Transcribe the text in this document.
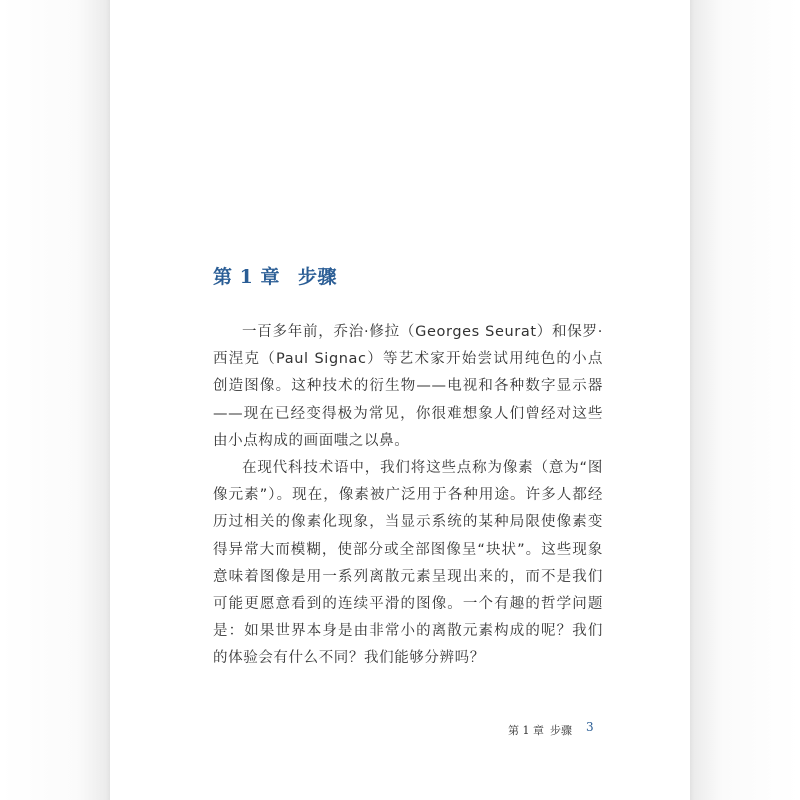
第 1 章 步骤

一百多年前，乔治·修拉（Georges Seurat）和保罗·西涅克（Paul Signac）等艺术家开始尝试用纯色的小点创造图像。这种技术的衍生物——电视和各种数字显示器——现在已经变得极为常见，你很难想象人们曾经对这些由小点构成的画面嗤之以鼻。

在现代科技术语中，我们将这些点称为像素（意为“图像元素”）。现在，像素被广泛用于各种用途。许多人都经历过相关的像素化现象，当显示系统的某种局限使像素变得异常大而模糊，使部分或全部图像呈“块状”。这些现象意味着图像是用一系列离散元素呈现出来的，而不是我们可能更愿意看到的连续平滑的图像。一个有趣的哲学问题是：如果世界本身是由非常小的离散元素构成的呢？我们的体验会有什么不同？我们能够分辨吗？

第 1 章 步骤 3
